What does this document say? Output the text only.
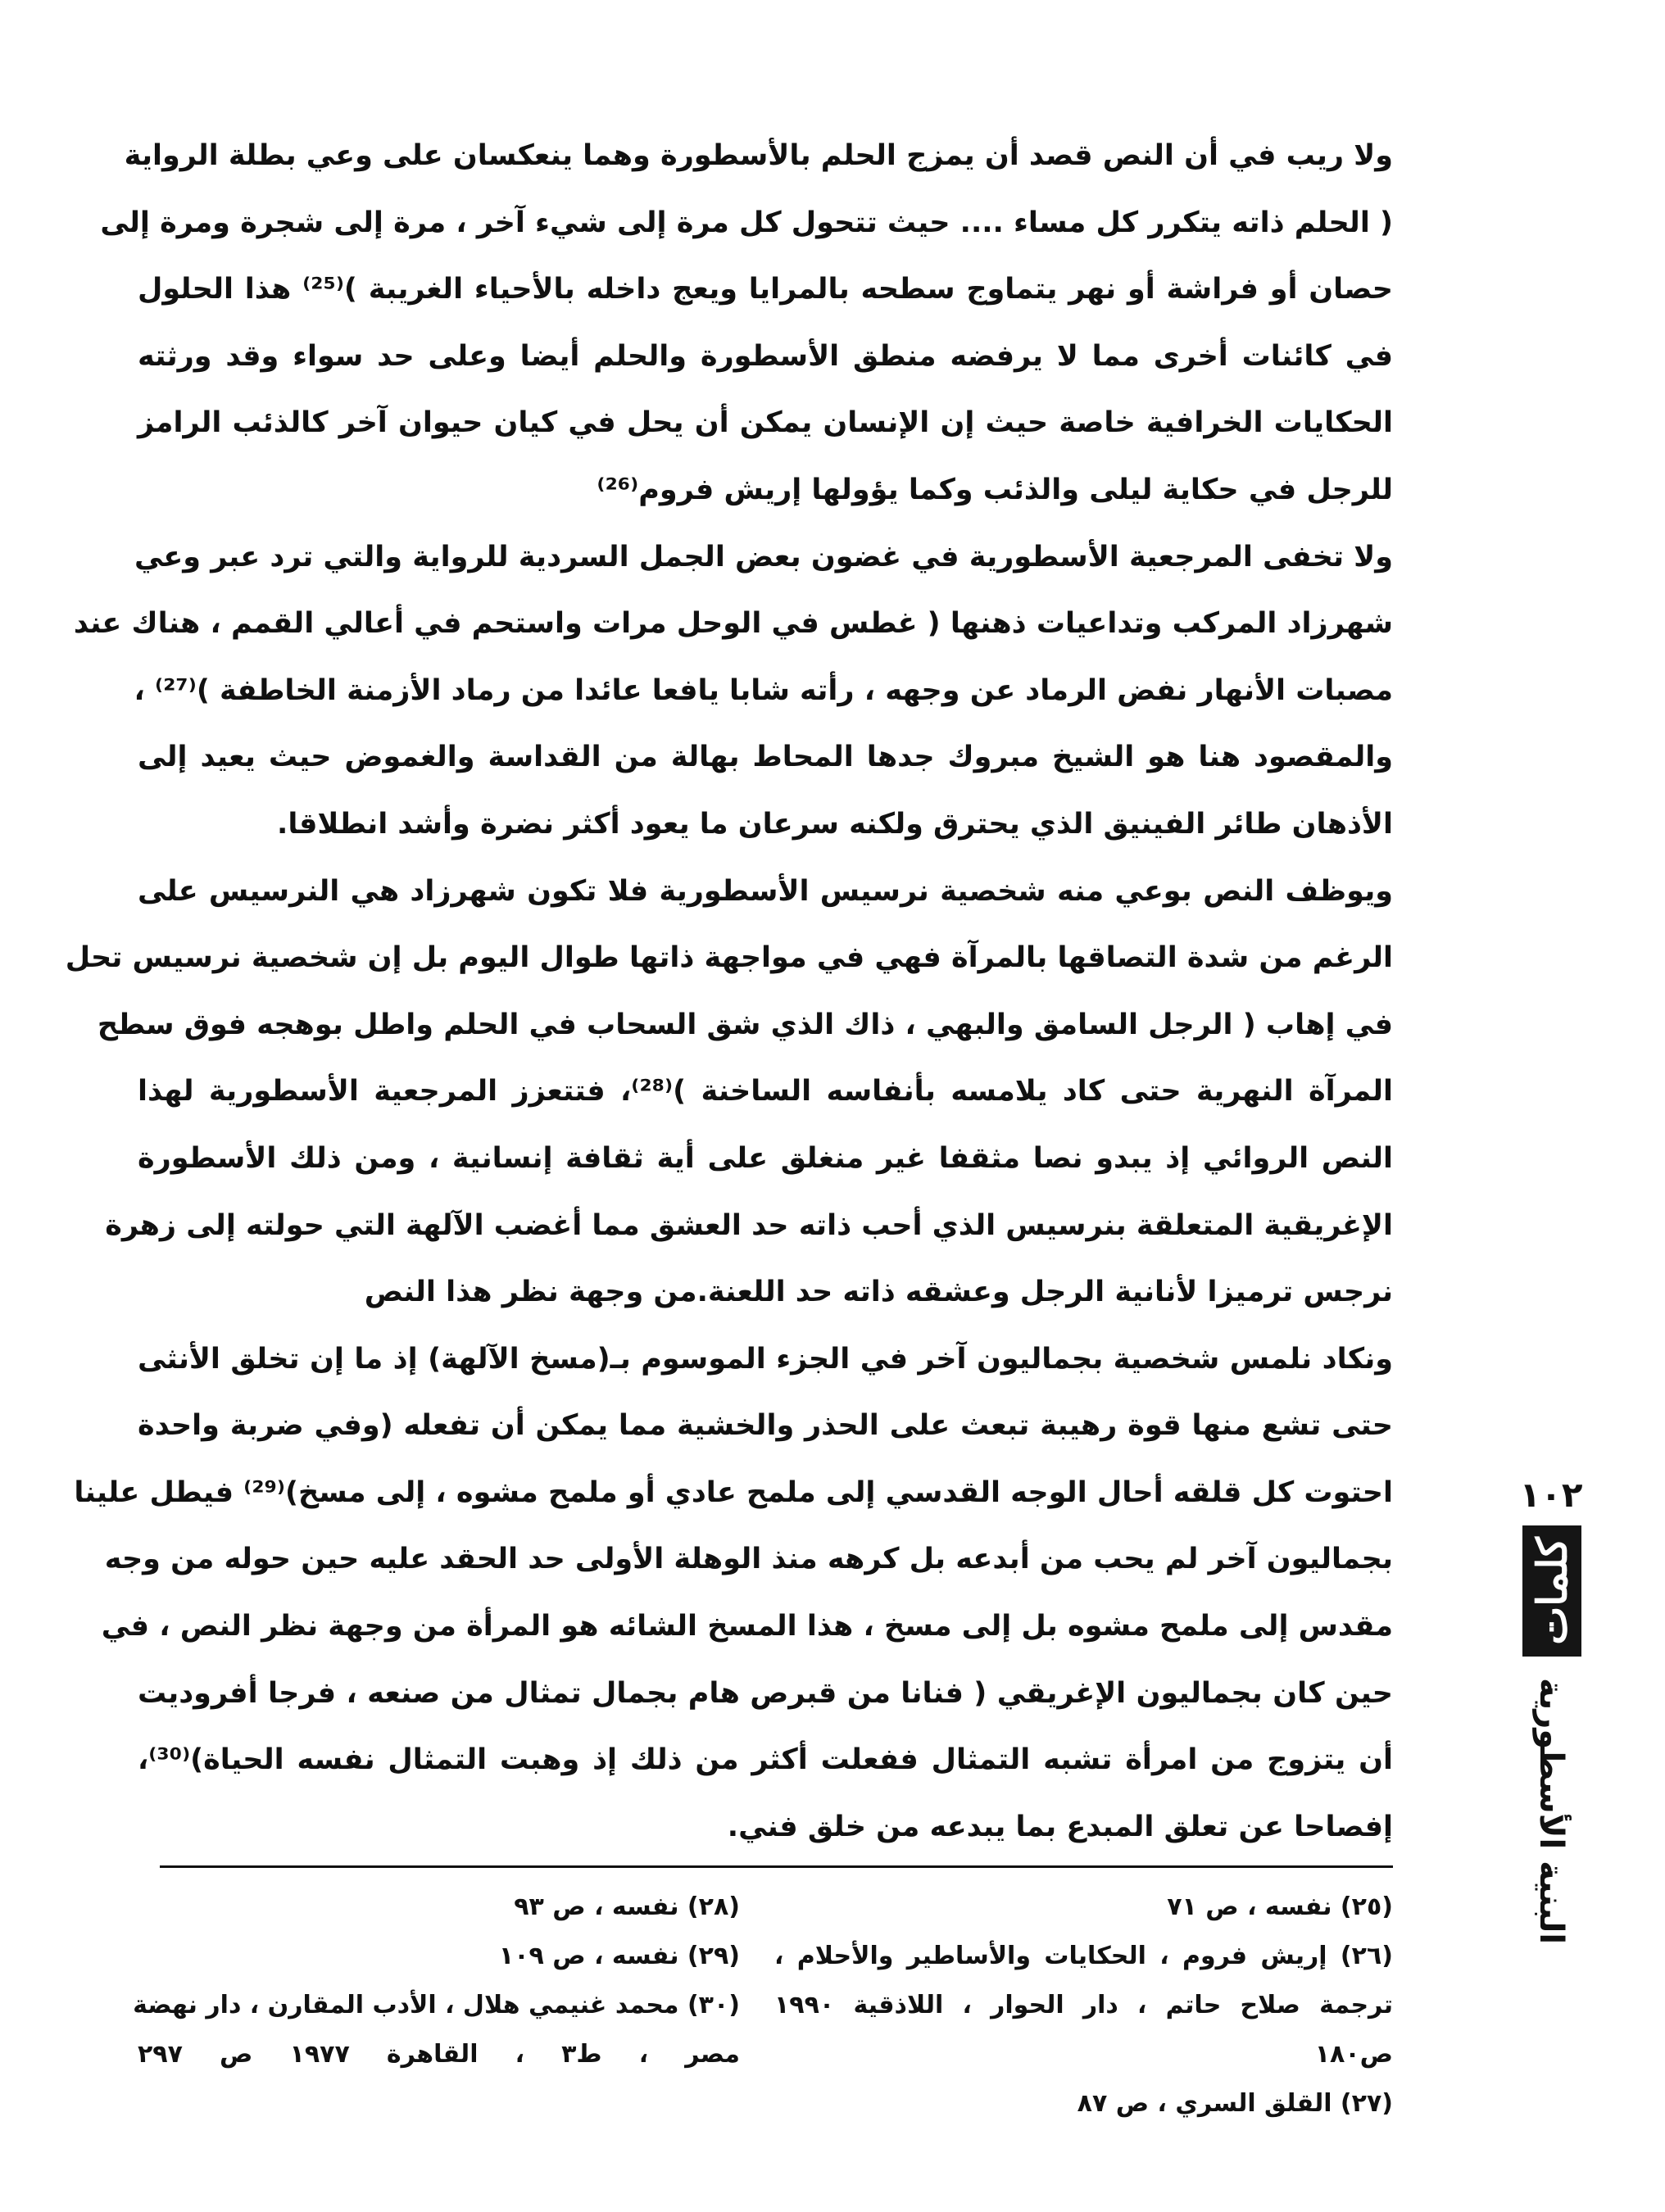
ولا ريب في أن النص قصد أن يمزج الحلم بالأسطورة وهما ينعكسان على وعي بطلة الرواية
( الحلم ذاته يتكرر كل مساء .... حيث تتحول كل مرة إلى شيء آخر ، مرة إلى شجرة ومرة إلى
حصان أو فراشة أو نهر يتماوج سطحه بالمرايا ويعج داخله بالأحياء الغريبة )⁽²⁵⁾ هذا الحلول
في كائنات أخرى مما لا يرفضه منطق الأسطورة والحلم أيضا وعلى حد سواء وقد ورثته
الحكايات الخرافية خاصة حيث إن الإنسان يمكن أن يحل في كيان حيوان آخر كالذئب الرامز
للرجل في حكاية ليلى والذئب وكما يؤولها إريش فروم⁽²⁶⁾
ولا تخفى المرجعية الأسطورية في غضون بعض الجمل السردية للرواية والتي ترد عبر وعي
شهرزاد المركب وتداعيات ذهنها ( غطس في الوحل مرات واستحم في أعالي القمم ، هناك عند
مصبات الأنهار نفض الرماد عن وجهه ، رأته شابا يافعا عائدا من رماد الأزمنة الخاطفة )⁽²⁷⁾ ،
والمقصود هنا هو الشيخ مبروك جدها المحاط بهالة من القداسة والغموض حيث يعيد إلى
الأذهان طائر الفينيق الذي يحترق ولكنه سرعان ما يعود أكثر نضرة وأشد انطلاقا.
ويوظف النص بوعي منه شخصية نرسيس الأسطورية فلا تكون شهرزاد هي النرسيس على
الرغم من شدة التصاقها بالمرآة فهي في مواجهة ذاتها طوال اليوم بل إن شخصية نرسيس تحل
في إهاب ( الرجل السامق والبهي ، ذاك الذي شق السحاب في الحلم واطل بوهجه فوق سطح
المرآة النهرية حتى كاد يلامسه بأنفاسه الساخنة )⁽²⁸⁾، فتتعزز المرجعية الأسطورية لهذا
النص الروائي إذ يبدو نصا مثقفا غير منغلق على أية ثقافة إنسانية ، ومن ذلك الأسطورة
الإغريقية المتعلقة بنرسيس الذي أحب ذاته حد العشق مما أغضب الآلهة التي حولته إلى زهرة
نرجس ترميزا لأنانية الرجل وعشقه ذاته حد اللعنة.من وجهة نظر هذا النص
ونكاد نلمس شخصية بجماليون آخر في الجزء الموسوم بـ(مسخ الآلهة) إذ ما إن تخلق الأنثى
حتى تشع منها قوة رهيبة تبعث على الحذر والخشية مما يمكن أن تفعله (وفي ضربة واحدة
احتوت كل قلقه أحال الوجه القدسي إلى ملمح عادي أو ملمح مشوه ، إلى مسخ)⁽²⁹⁾ فيطل علينا
بجماليون آخر لم يحب من أبدعه بل كرهه منذ الوهلة الأولى حد الحقد عليه حين حوله من وجه
مقدس إلى ملمح مشوه بل إلى مسخ ، هذا المسخ الشائه هو المرأة من وجهة نظر النص ، في
حين كان بجماليون الإغريقي ( فنانا من قبرص هام بجمال تمثال من صنعه ، فرجا أفروديت
أن يتزوج من امرأة تشبه التمثال ففعلت أكثر من ذلك إذ وهبت التمثال نفسه الحياة)⁽³⁰⁾،
إفصاحا عن تعلق المبدع بما يبدعه من خلق فني.
(٢٥) نفسه ، ص ٧١
(٢٦) إريش فروم ، الحكايات والأساطير والأحلام ،
ترجمة صلاح حاتم ، دار الحوار ، اللاذقية ١٩٩٠
ص١٨٠
(٢٧) القلق السري ، ص ٨٧
(٢٨) نفسه ، ص ٩٣
(٢٩) نفسه ، ص ١٠٩
(٣٠) محمد غنيمي هلال ، الأدب المقارن ، دار نهضة
مصر ، ط٣ ، القاهرة ١٩٧٧ ص ٢٩٧
١٠٢
كلمات
البنية الأسطورية
